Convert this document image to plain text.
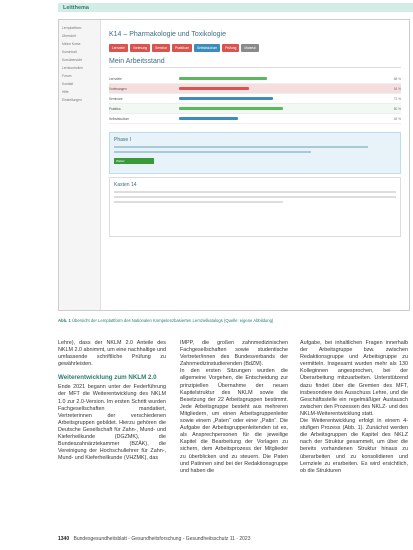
Leitthema
Lernplattform
Übersicht
Meine Kurse
Kursinhalt
Kursübersicht
Lernkontrollen
Forum
Kontakt
Hilfe
Einstellungen
K14 – Pharmakologie und Toxikologie
Lernziele	Vorlesung	Seminar	Praktikum	Selbststudium	Prüfung	Material
Mein Arbeitsstand
Lernziele	68 %
Vorlesungen	54 %
Seminare	72 %
Praktika	80 %
Selbststudium	45 %
Phase I
Weiter
Kasten 14
Abb. 1 Übersicht der Lernplattform des Nationalen Kompetenzbasierten Lernzielkatalogs (Quelle: eigene Abbildung)

Lehre), dass der NKLM 2.0 Anteile des NKLM 2.0 abnimmt, um eine nachhaltige und umfassende schriftliche Prüfung zu gewährleisten.

Weiterentwicklung zum NKLM 2.0

Ende 2021 begann unter der Federführung der MFT die Weiterentwicklung des NKLM 1.0 zur 2.0-Version. Im ersten Schritt wurden Fachgesellschaften mandatiert, Vertreterinnen der verschiedenen Arbeitsgruppen gebildet. Hierzu gehören die Deutsche Gesellschaft für Zahn-, Mund- und Kieferheilkunde (DGZMK), die Bundeszahnärztekammer (BZÄK), die Vereinigung der Hochschullehrer für Zahn-, Mund- und Kieferheilkunde (VHZMK), das

IMPP, die großen zahnmedizinischen Fachgesellschaften sowie studentische Vertreter/innen des Bundesverbands der Zahnmedizinstudierenden (BdZM).

In den ersten Sitzungen wurden die allgemeine Vorgehen, die Entscheidung zur prinzipiellen Übernahme der neuen Kapitelstruktur des NKLM sowie die Besetzung der 22 Arbeitsgruppen bestimmt. Jede Arbeitsgruppe besteht aus mehreren Mitgliedern, um einen Arbeitsgruppenleiter sowie einem „Paten“ oder einer „Patin“. Die Aufgabe der Arbeitsgruppenleitenden ist es, als Ansprechpersonen für die jeweilige Kapitel die Bearbeitung der Vorlagen zu sichern, dem Arbeitsprozess der Mitglieder zu überblicken und zu steuern. Die Paten und Patinnen sind bei der Redaktionsgruppe und haben die

Aufgabe, bei inhaltlichen Fragen innerhalb der Arbeitsgruppe bzw. zwischen Redaktionsgruppe und Arbeitsgruppe zu vermitteln. Insgesamt wurden mehr als 130 Kolleginnen angesprochen, bei der Überarbeitung mitzuarbeiten. Unterstützend dazu findet über die Gremien des MFT, insbesondere des Ausschuss Lehre, und die Geschäftsstelle ein regelmäßiger Austausch zwischen den Prozessen des NKLZ- und des NKLM-Weiterentwicklung statt.

Die Weiterentwicklung erfolgt in einem 4-stufigen Prozess (Abb. 1). Zunächst werden die Arbeitsgruppen die Kapitel des NKLZ nach der Struktur gesammelt, um über die bereits vorhandenen Struktur hinaus zu überarbeiten und zu konsolidieren und Lernziele zu erarbeiten. Es wird ersichtlich, ob die Strukturen

1340 Bundesgesundheitsblatt - Gesundheitsforschung - Gesundheitsschutz 11 · 2023
